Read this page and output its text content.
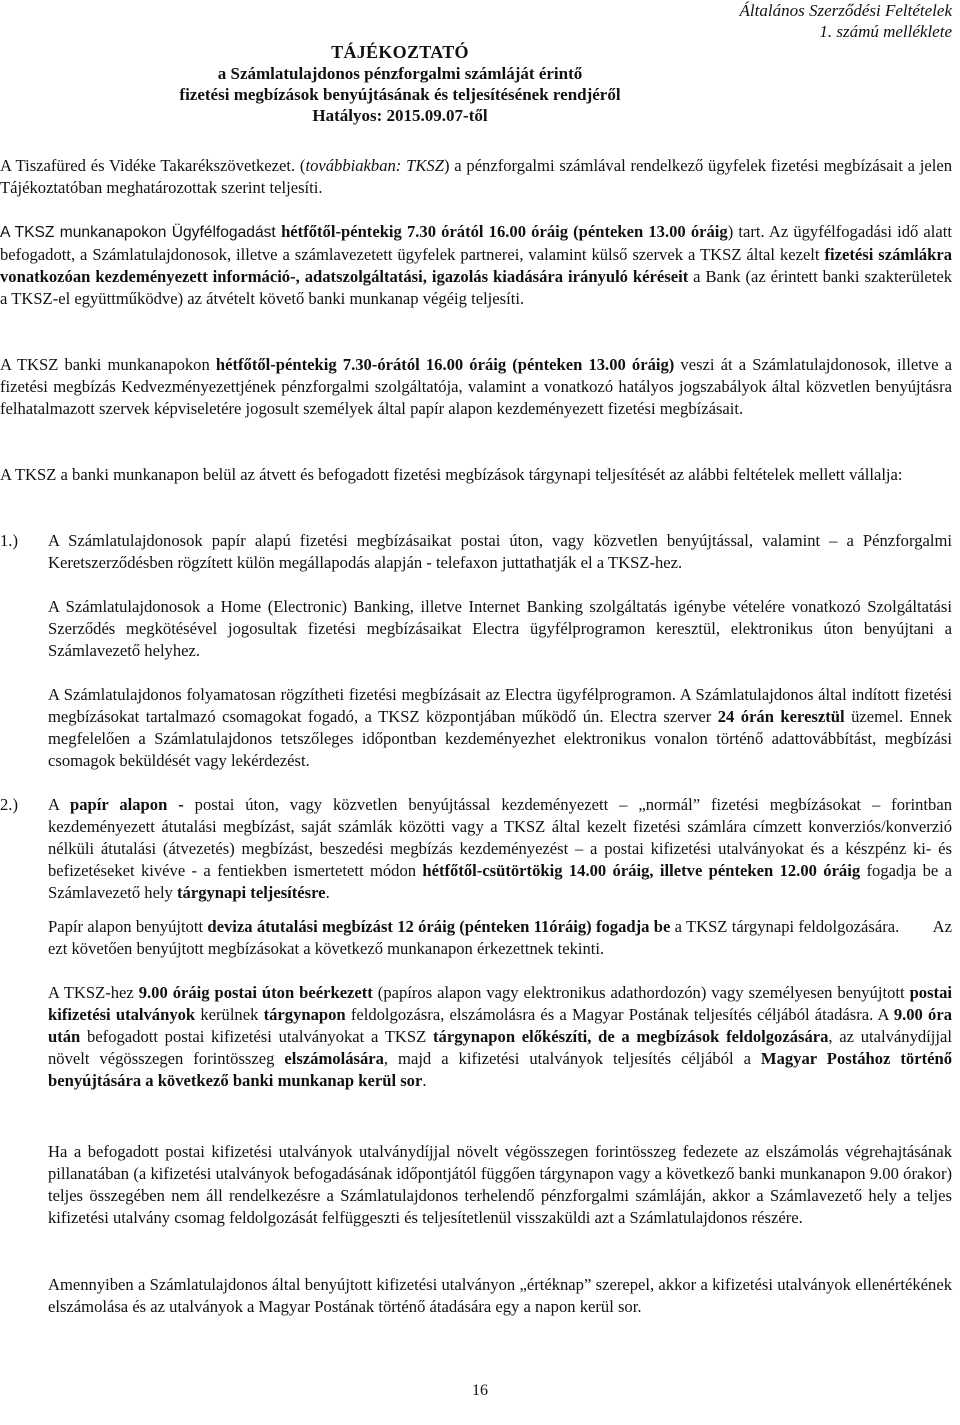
Általános Szerződési Feltételek
1. számú melléklete
TÁJÉKOZTATÓ
a Számlatulajdonos pénzforgalmi számláját érintő
fizetési megbízások benyújtásának és teljesítésének rendjéről
Hatályos: 2015.09.07-től
A Tiszafüred és Vidéke Takarékszövetkezet. (továbbiakban: TKSZ) a pénzforgalmi számlával rendelkező ügyfelek fizetési megbízásait a jelen Tájékoztatóban meghatározottak szerint teljesíti.
A TKSZ munkanapokon Ügyfélfogadást hétfőtől-péntekig 7.30 órától 16.00 óráig (pénteken 13.00 óráig) tart. Az ügyfélfogadási idő alatt befogadott, a Számlatulajdonosok, illetve a számlavezetett ügyfelek partnerei, valamint külső szervek a TKSZ által kezelt fizetési számlákra vonatkozóan kezdeményezett információ-, adatszolgáltatási, igazolás kiadására irányuló kéréseit a Bank (az érintett banki szakterületek a TKSZ-el együttműködve) az átvételt követő banki munkanap végéig teljesíti.
A TKSZ banki munkanapokon hétfőtől-péntekig 7.30-órától 16.00 óráig (pénteken 13.00 óráig) veszi át a Számlatulajdonosok, illetve a fizetési megbízás Kedvezményezettjének pénzforgalmi szolgáltatója, valamint a vonatkozó hatályos jogszabályok által közvetlen benyújtásra felhatalmazott szervek képviseletére jogosult személyek által papír alapon kezdeményezett fizetési megbízásait.
A TKSZ a banki munkanapon belül az átvett és befogadott fizetési megbízások tárgynapi teljesítését az alábbi feltételek mellett vállalja:
1.) A Számlatulajdonosok papír alapú fizetési megbízásaikat postai úton, vagy közvetlen benyújtással, valamint – a Pénzforgalmi Keretszerződésben rögzített külön megállapodás alapján - telefaxon juttathatják el a TKSZ-hez.
A Számlatulajdonosok a Home (Electronic) Banking, illetve Internet Banking szolgáltatás igénybe vételére vonatkozó Szolgáltatási Szerződés megkötésével jogosultak fizetési megbízásaikat Electra ügyfélprogramon keresztül, elektronikus úton benyújtani a Számlavezető helyhez.
A Számlatulajdonos folyamatosan rögzítheti fizetési megbízásait az Electra ügyfélprogramon. A Számlatulajdonos által indított fizetési megbízásokat tartalmazó csomagokat fogadó, a TKSZ központjában működő ún. Electra szerver 24 órán keresztül üzemel. Ennek megfelelően a Számlatulajdonos tetszőleges időpontban kezdeményezhet elektronikus vonalon történő adattovábbítást, megbízási csomagok beküldését vagy lekérdezést.
2.) A papír alapon - postai úton, vagy közvetlen benyújtással kezdeményezett – „normál” fizetési megbízásokat – forintban kezdeményezett átutalási megbízást, saját számlák közötti vagy a TKSZ által kezelt fizetési számlára címzett konverziós/konverzió nélküli átutalási (átvezetés) megbízást, beszedési megbízás kezdeményezést – a postai kifizetési utalványokat és a készpénz ki- és befizetéseket kivéve - a fentiekben ismertetett módon hétfőtől-csütörtökig 14.00 óráig, illetve pénteken 12.00 óráig fogadja be a Számlavezető hely tárgynapi teljesítésre.
Papír alapon benyújtott deviza átutalási megbízást 12 óráig (pénteken 11óráig) fogadja be a TKSZ tárgynapi feldolgozására.        Az ezt követően benyújtott megbízásokat a következő munkanapon érkezettnek tekinti.
A TKSZ-hez 9.00 óráig postai úton beérkezett (papíros alapon vagy elektronikus adathordozón) vagy személyesen benyújtott postai kifizetési utalványok kerülnek tárgynapon feldolgozásra, elszámolásra és a Magyar Postának teljesítés céljából átadásra. A 9.00 óra után befogadott postai kifizetési utalványokat a TKSZ tárgynapon előkészíti, de a megbízások feldolgozására, az utalványdíjjal növelt végösszegen forintösszeg elszámolására, majd a kifizetési utalványok teljesítés céljából a Magyar Postához történő benyújtására a következő banki munkanap kerül sor.
Ha a befogadott postai kifizetési utalványok utalványdíjjal növelt végösszegen forintösszeg fedezete az elszámolás végrehajtásának pillanatában (a kifizetési utalványok befogadásának időpontjától függően tárgynapon vagy a következő banki munkanapon 9.00 órakor) teljes összegében nem áll rendelkezésre a Számlatulajdonos terhelendő pénzforgalmi számláján, akkor a Számlavezető hely a teljes kifizetési utalvány csomag feldolgozását felfüggeszti és teljesítetlenül visszaküldi azt a Számlatulajdonos részére.
Amennyiben a Számlatulajdonos által benyújtott kifizetési utalványon „értéknap” szerepel, akkor a kifizetési utalványok ellenértékének elszámolása és az utalványok a Magyar Postának történő átadására egy a napon kerül sor.
16
